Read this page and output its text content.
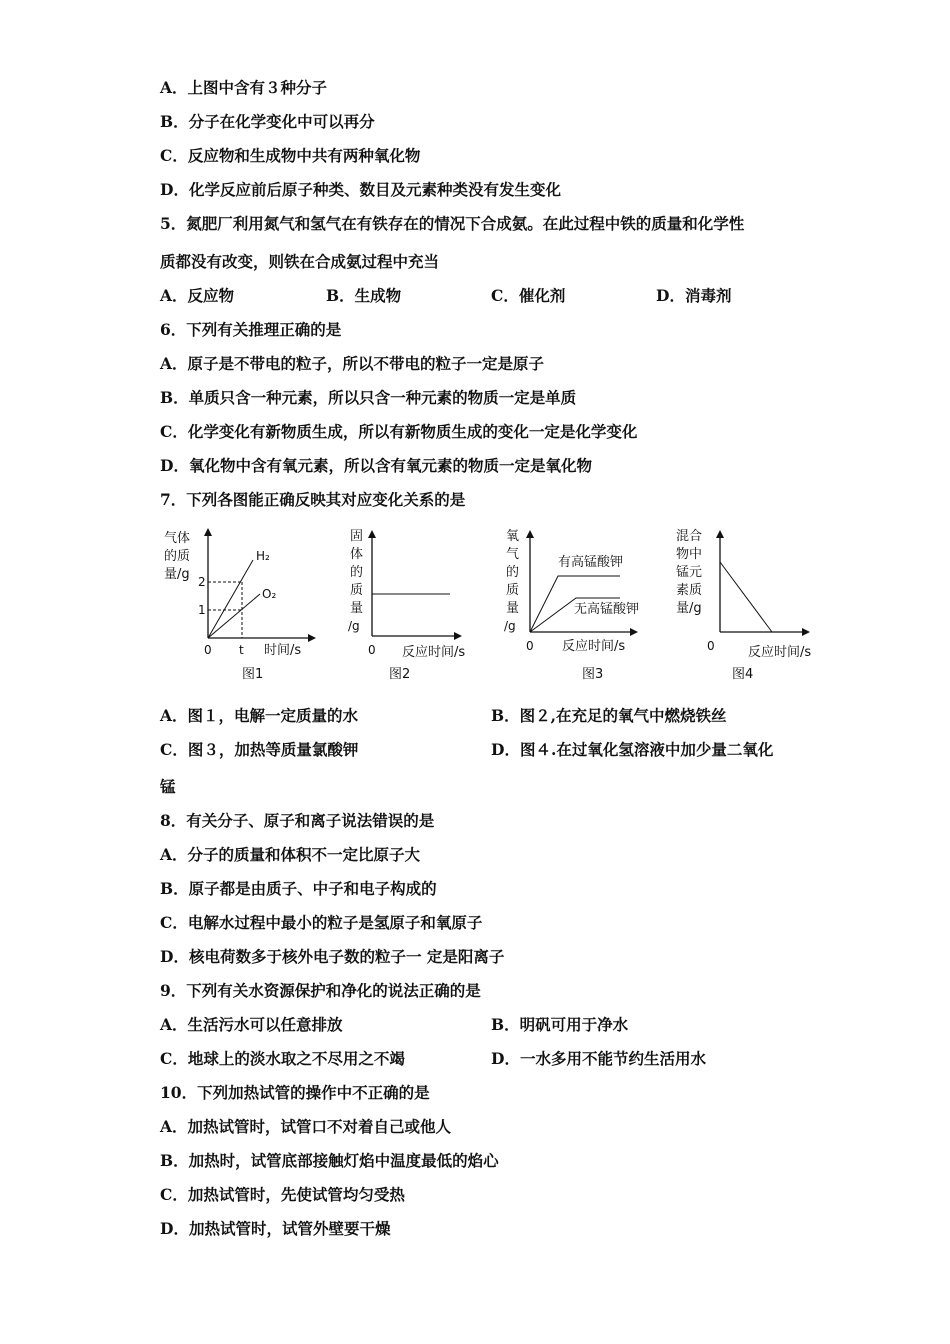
A．上图中含有３种分子
B．分子在化学变化中可以再分
C．反应物和生成物中共有两种氧化物
D．化学反应前后原子种类、数目及元素种类没有发生变化
5．氮肥厂利用氮气和氢气在有铁存在的情况下合成氨。在此过程中铁的质量和化学性
质都没有改变，则铁在合成氨过程中充当
A．反应物	B．生成物	C．催化剂	D．消毒剂
6．下列有关推理正确的是
A．原子是不带电的粒子，所以不带电的粒子一定是原子
B．单质只含一种元素，所以只含一种元素的物质一定是单质
C．化学变化有新物质生成，所以有新物质生成的变化一定是化学变化
D．氧化物中含有氧元素，所以含有氧元素的物质一定是氧化物
7．下列各图能正确反映其对应变化关系的是
气体
的质
量/g 2
1
H₂
O₂
0 t 时间/s
图1
固
体
的
质
量
/g
0 反应时间/s
图2
氧
气
的
质
量
/g
有高锰酸钾
无高锰酸钾
0 反应时间/s
图3
混合
物中
锰元
素质
量/g
0	反应时间/s
图4
A．图１，电解一定质量的水	B．图２,在充足的氧气中燃烧铁丝
C．图３，加热等质量氯酸钾	D．图４.在过氧化氢溶液中加少量二氧化
锰
8．有关分子、原子和离子说法错误的是
A．分子的质量和体积不一定比原子大
B．原子都是由质子、中子和电子构成的
C．电解水过程中最小的粒子是氢原子和氧原子
D．核电荷数多于核外电子数的粒子一 定是阳离子
9．下列有关水资源保护和净化的说法正确的是
A．生活污水可以任意排放	B．明矾可用于净水
C．地球上的淡水取之不尽用之不竭	D．一水多用不能节约生活用水
10．下列加热试管的操作中不正确的是
A．加热试管时，试管口不对着自己或他人
B．加热时，试管底部接触灯焰中温度最低的焰心
C．加热试管时，先使试管均匀受热
D．加热试管时，试管外壁要干燥
